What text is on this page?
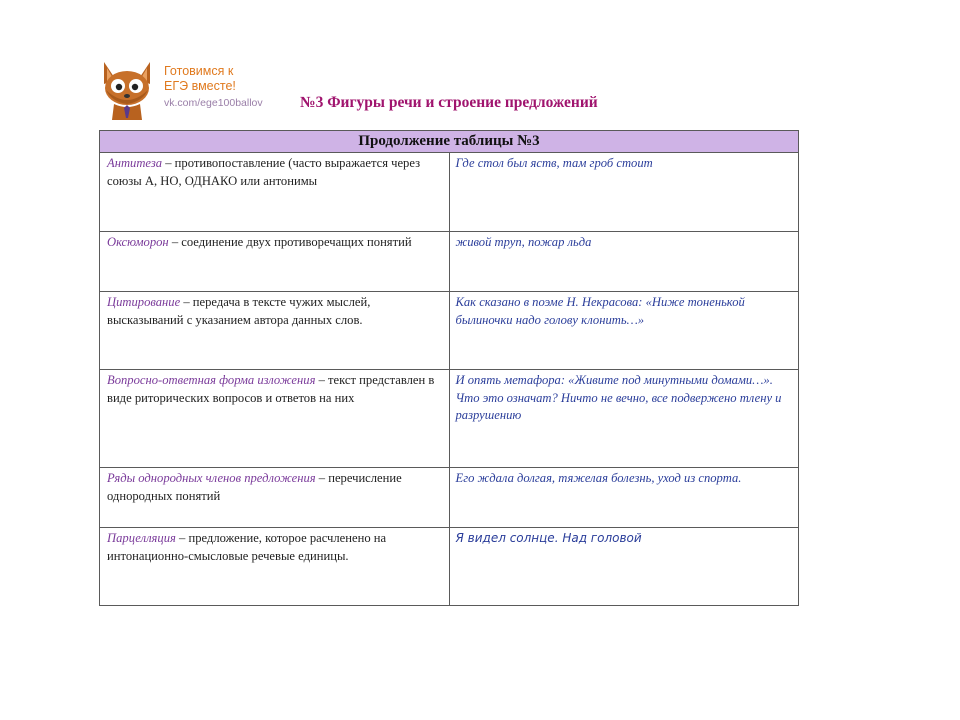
Готовимся к
ЕГЭ вместе!
vk.com/ege100ballov №3 Фигуры речи и строение предложений
Продолжение таблицы №3	
Антитеза – противопоставление (часто выражается через союзы А, НО, ОДНАКО или антонимы	Где стол был яств, там гроб стоит
Оксюморон – соединение двух противоречащих понятий	живой труп, пожар льда
Цитирование – передача в тексте чужих мыслей, высказываний с указанием автора данных слов.	Как сказано в поэме Н. Некрасова: «Ниже тоненькой былиночки надо голову клонить…»
Вопросно-ответная форма изложения – текст представлен в виде риторических вопросов и ответов на них	И опять метафора: «Живите под минутными домами…». Что это означат? Ничто не вечно, все подвержено тлену и разрушению
Ряды однородных членов предложения – перечисление однородных понятий	Его ждала долгая, тяжелая болезнь, уход из спорта.
Парцелляция – предложение, которое расчленено на интонационно-смысловые речевые единицы.	Я видел солнце. Над головой
